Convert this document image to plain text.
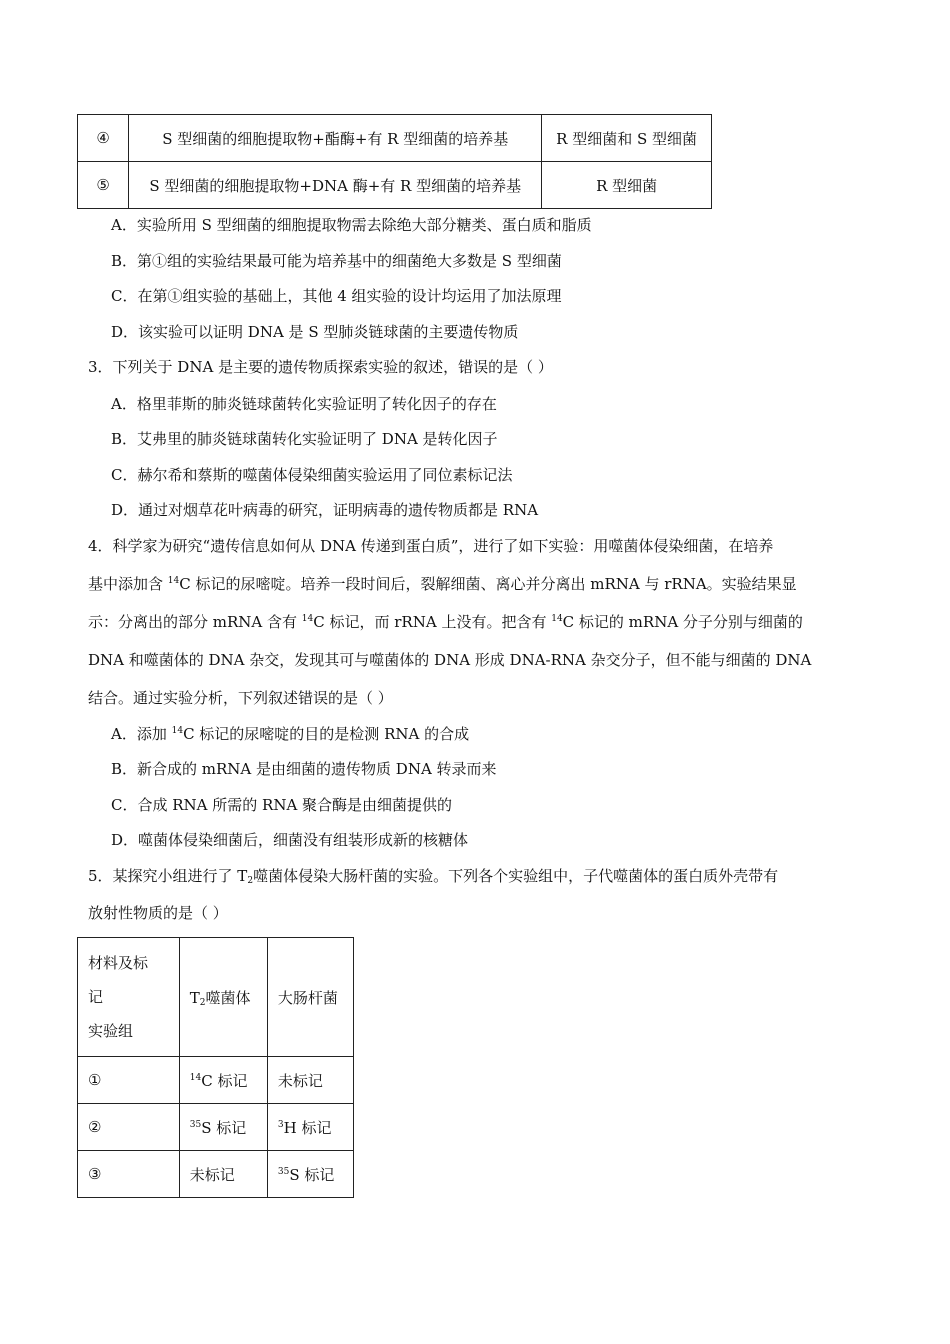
④	S 型细菌的细胞提取物+酯酶+有 R 型细菌的培养基	R 型细菌和 S 型细菌
⑤	S 型细菌的细胞提取物+DNA 酶+有 R 型细菌的培养基	R 型细菌
A．实验所用 S 型细菌的细胞提取物需去除绝大部分糖类、蛋白质和脂质
B．第①组的实验结果最可能为培养基中的细菌绝大多数是 S 型细菌
C．在第①组实验的基础上，其他 4 组实验的设计均运用了加法原理
D．该实验可以证明 DNA 是 S 型肺炎链球菌的主要遗传物质
3．下列关于 DNA 是主要的遗传物质探索实验的叙述，错误的是（ ）
A．格里菲斯的肺炎链球菌转化实验证明了转化因子的存在
B．艾弗里的肺炎链球菌转化实验证明了 DNA 是转化因子
C．赫尔希和蔡斯的噬菌体侵染细菌实验运用了同位素标记法
D．通过对烟草花叶病毒的研究，证明病毒的遗传物质都是 RNA
4．科学家为研究“遗传信息如何从 DNA 传递到蛋白质”，进行了如下实验：用噬菌体侵染细菌，在培养
基中添加含 $^{14}$C 标记的尿嘧啶。培养一段时间后，裂解细菌、离心并分离出 mRNA 与 rRNA。实验结果显
示：分离出的部分 mRNA 含有 $^{14}$C 标记，而 rRNA 上没有。把含有 $^{14}$C 标记的 mRNA 分子分别与细菌的
DNA 和噬菌体的 DNA 杂交，发现其可与噬菌体的 DNA 形成 DNA-RNA 杂交分子，但不能与细菌的 DNA
结合。通过实验分析，下列叙述错误的是（ ）
A．添加 $^{14}$C 标记的尿嘧啶的目的是检测 RNA 的合成
B．新合成的 mRNA 是由细菌的遗传物质 DNA 转录而来
C．合成 RNA 所需的 RNA 聚合酶是由细菌提供的
D．噬菌体侵染细菌后，细菌没有组装形成新的核糖体
5．某探究小组进行了 $T_2$噬菌体侵染大肠杆菌的实验。下列各个实验组中，子代噬菌体的蛋白质外壳带有
放射性物质的是（ ）
材料及标
记
实验组	$T_2$噬菌体	大肠杆菌
①	$^{14}$C 标记	未标记
②	$^{35}$S 标记	$^3$H 标记
③	未标记	$^{35}$S 标记
